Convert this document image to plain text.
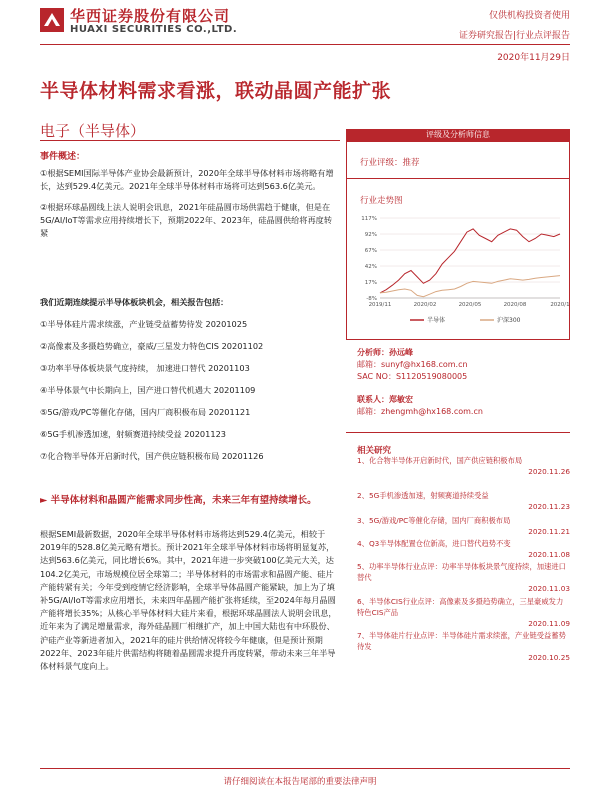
华西证券股份有限公司
HUAXI SECURITIES CO.,LTD.
仅供机构投资者使用
证券研究报告|行业点评报告
2020年11月29日
半导体材料需求看涨，联动晶圆产能扩张
电子（半导体）

事件概述：

①根据SEMI国际半导体产业协会最新预计，2020年全球半导体材料市场将略有增长，达到529.4亿美元。2021年全球半导体材料市场将可达到563.6亿美元。

②根据环球晶圆线上法人说明会讯息，2021年硅晶圆市场供需趋于健康，但是在5G/AI/IoT等需求应用持续增长下，预期2022年、2023年，硅晶圆供给将再度转紧

我们近期连续提示半导体板块机会，相关报告包括：

①半导体硅片需求续涨，产业链受益蓄势待发 20201025

②高像素及多摄趋势确立，豪威/三星发力特色CIS 20201102

③功率半导体板块景气度持续， 加速进口替代 20201103

④半导体景气中长期向上，国产进口替代机遇大 20201109

⑤5G/游戏/PC等催化存储，国内厂商积极布局 20201121

⑥5G手机渗透加速，射频赛道持续受益 20201123

⑦化合物半导体开启新时代，国产供应链积极布局 20201126

► 半导体材料和晶圆产能需求同步性高，未来三年有望持续增长。
根据SEMI最新数据，2020年全球半导体材料市场将达到529.4亿美元，相较于2019年的528.8亿美元略有增长。预计2021年全球半导体材料市场将明显复苏，达到563.6亿美元，同比增长6%。其中，2021年进一步突破100亿美元大关，达104.2亿美元，市场规模位居全球第二；半导体材料的市场需求和晶圆产能、硅片产能转紧有关；今年受到疫情它经济影响，全球半导体晶圆产能紧缺，加上为了填补5G/AI/IoT等需求应用增长，未来四年晶圆产能扩张将延续，至2024年每月晶圆产能将增长35%；从核心半导体材料大硅片来看，根据环球晶圆法人说明会讯息，近年来为了满足增量需求，海外硅晶圆厂相继扩产，加上中国大陆也有中环股份、沪硅产业等新进者加入，2021年的硅片供给情况将较今年健康，但是预计预期2022年、2023年硅片供需结构将随着晶圆需求提升再度转紧，带动未来三年半导体材料景气度向上。
评级及分析师信息
行业评级：推荐
行业走势图
117%
92%
67%
42%
17%
-8%
2019/11	2020/02	2020/05	2020/08	2020/1
半导体	沪深300
分析师：孙远峰
邮箱：sunyf@hx168.com.cn
SAC NO：S1120519080005
联系人：郑敏宏
邮箱：zhengmh@hx168.com.cn
相关研究
1、化合物半导体开启新时代，国产供应链积极布局
2020.11.26
2、5G手机渗透加速，射频赛道持续受益
2020.11.23
3、5G/游戏/PC等催化存储，国内厂商积极布局
2020.11.21
4、Q3半导体配置仓位新高，进口替代趋势不变
2020.11.08
5、功率半导体行业点评：功率半导体板块景气度持续，加速进口替代
2020.11.03
6、半导体CIS行业点评：高像素及多摄趋势确立，三星豪威发力特色CIS产品
2020.11.09
7、半导体硅片行业点评：半导体硅片需求续涨，产业链受益蓄势待发
2020.10.25
请仔细阅读在本报告尾部的重要法律声明
